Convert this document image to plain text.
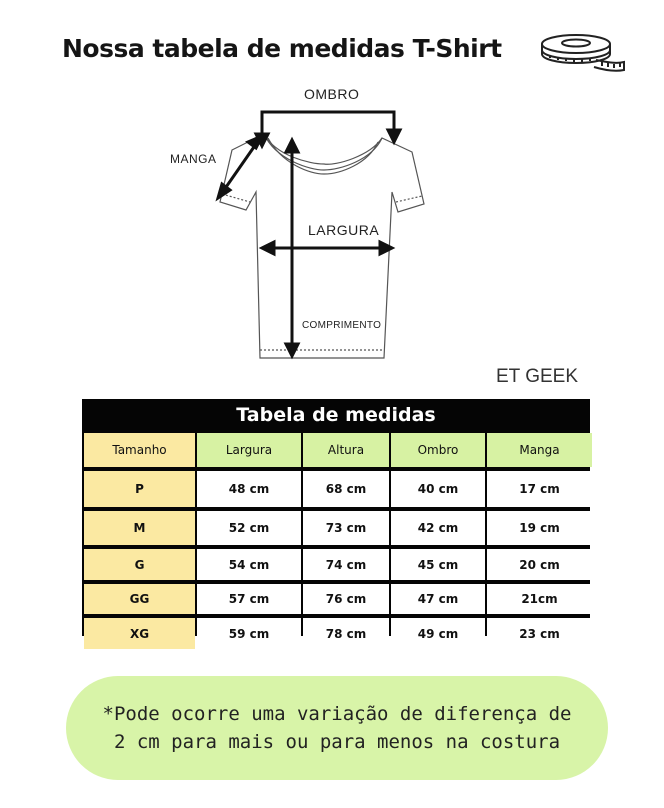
Nossa tabela de medidas T-Shirt
OMBRO
MANGA
LARGURA
COMPRIMENTO
ET GEEK
Tabela de medidas
Tamanho	Largura	Altura	Ombro	Manga
P	48 cm	68 cm	40 cm	17 cm
M	52 cm	73 cm	42 cm	19 cm
G	54 cm	74 cm	45 cm	20 cm
GG	57 cm	76 cm	47 cm	21cm
XG	59 cm	78 cm	49 cm	23 cm
*Pode ocorre uma variação de diferença de
2 cm para mais ou para menos na costura
